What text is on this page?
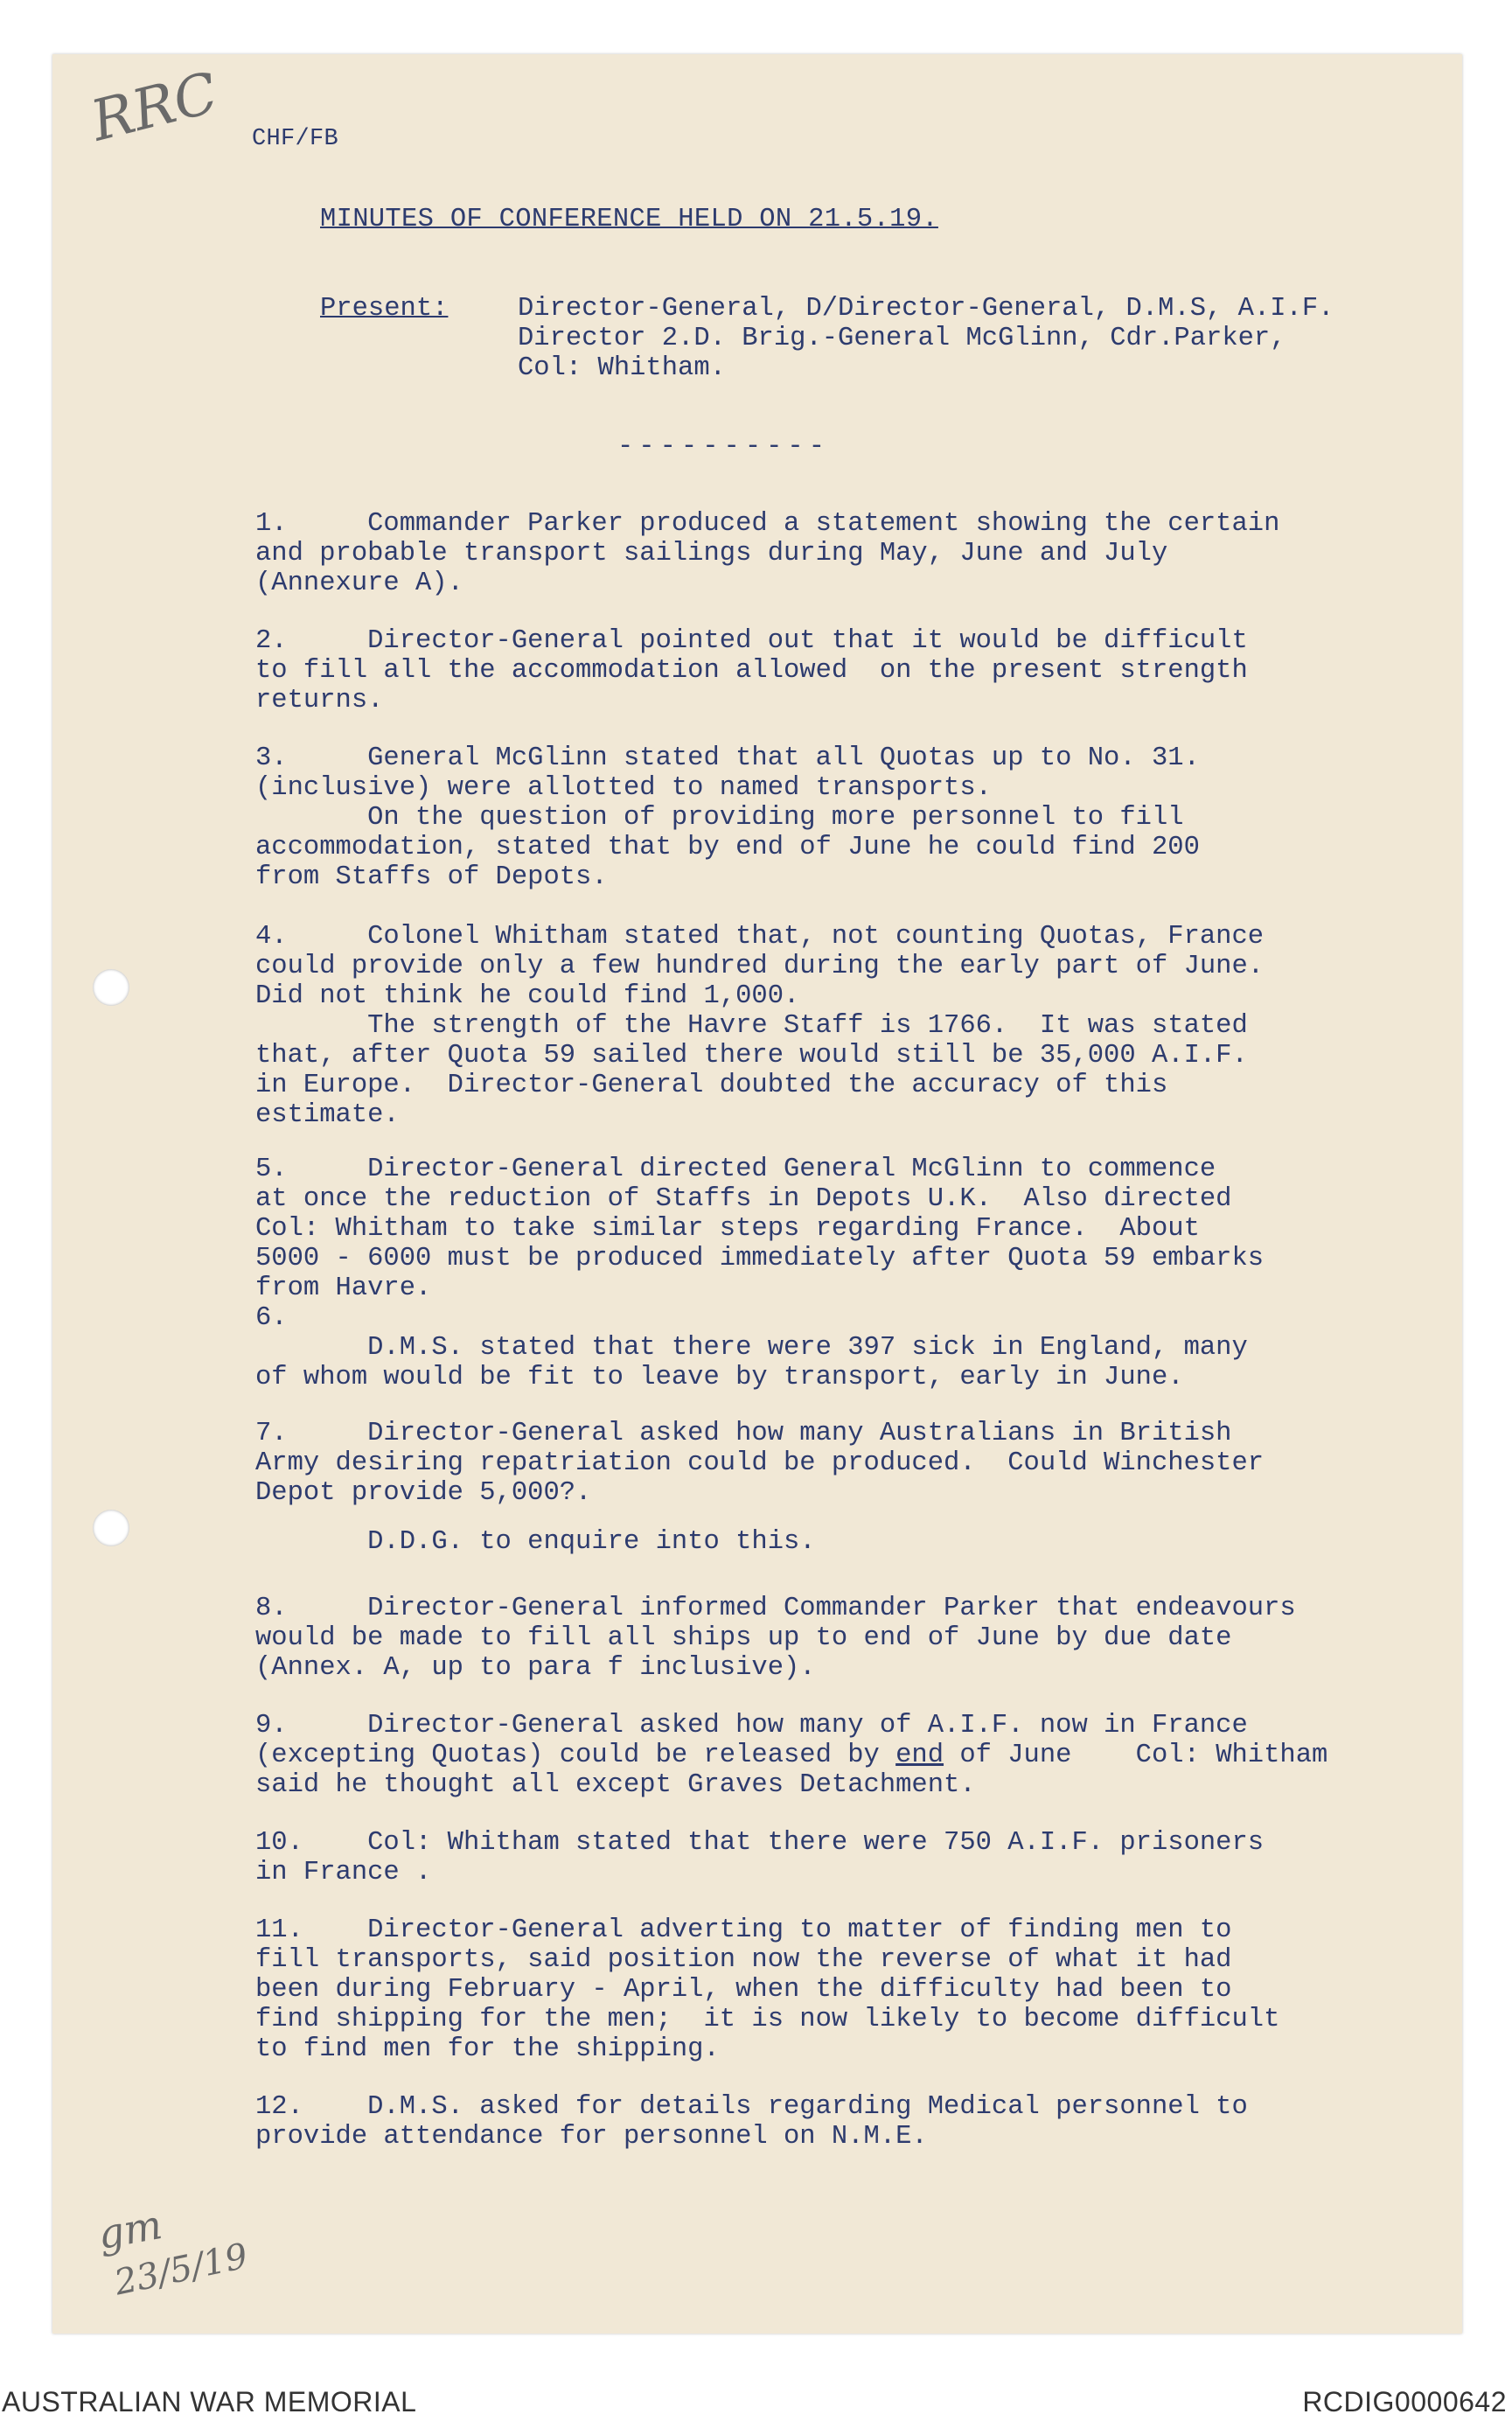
RRC CHF/FB
MINUTES OF CONFERENCE HELD ON 21.5.19.
Present:	Director-General, D/Director-General, D.M.S, A.I.F.
Director 2.D. Brig.-General McGlinn, Cdr.Parker,
Col: Whitham.
----------
1.     Commander Parker produced a statement showing the certain
and probable transport sailings during May, June and July
(Annexure A).
2.     Director-General pointed out that it would be difficult
to fill all the accommodation allowed  on the present strength
returns.
3.     General McGlinn stated that all Quotas up to No. 31.
(inclusive) were allotted to named transports.
On the question of providing more personnel to fill
accommodation, stated that by end of June he could find 200
from Staffs of Depots.
4.     Colonel Whitham stated that, not counting Quotas, France
could provide only a few hundred during the early part of June.
Did not think he could find 1,000.
The strength of the Havre Staff is 1766.  It was stated
that, after Quota 59 sailed there would still be 35,000 A.I.F.
in Europe.  Director-General doubted the accuracy of this
estimate.
5.     Director-General directed General McGlinn to commence
at once the reduction of Staffs in Depots U.K.  Also directed
Col: Whitham to take similar steps regarding France.  About
5000 - 6000 must be produced immediately after Quota 59 embarks
from Havre.
6.
D.M.S. stated that there were 397 sick in England, many
of whom would be fit to leave by transport, early in June.
7.     Director-General asked how many Australians in British
Army desiring repatriation could be produced.  Could Winchester
Depot provide 5,000?.
D.D.G. to enquire into this.
8.     Director-General informed Commander Parker that endeavours
would be made to fill all ships up to end of June by due date
(Annex. A, up to para f inclusive).
9.     Director-General asked how many of A.I.F. now in France
(excepting Quotas) could be released by end of June    Col: Whitham
said he thought all except Graves Detachment.
10.    Col: Whitham stated that there were 750 A.I.F. prisoners
in France .
11.    Director-General adverting to matter of finding men to
fill transports, said position now the reverse of what it had
been during February - April, when the difficulty had been to
find shipping for the men;  it is now likely to become difficult
to find men for the shipping.
12.    D.M.S. asked for details regarding Medical personnel to
provide attendance for personnel on N.M.E.
gm
23/5/19
AUSTRALIAN WAR MEMORIAL	RCDIG0000642
